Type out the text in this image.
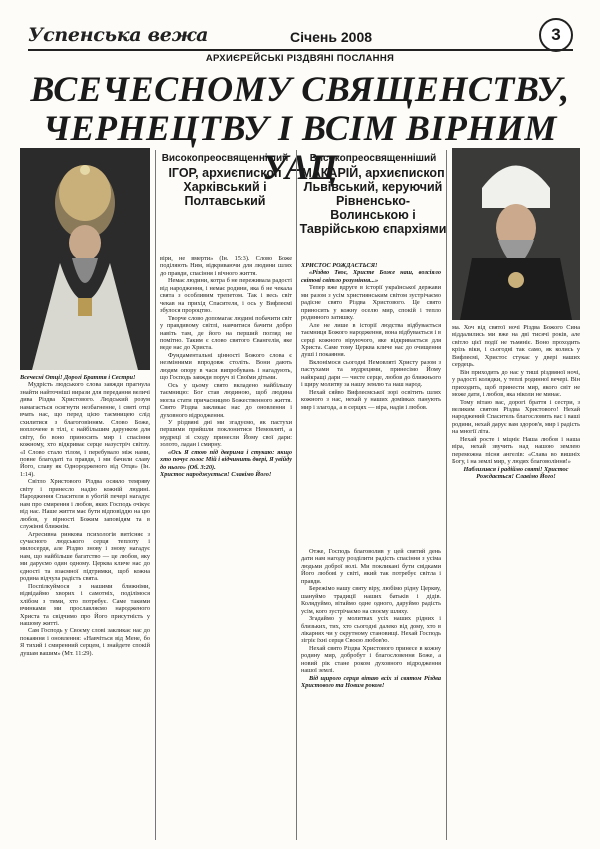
Успенська вежа	Січень 2008	3
АРХИЄРЕЙСЬКІ РІЗДВЯНІ ПОСЛАННЯ
ВСЕЧЕСНОМУ СВЯЩЕНСТВУ,
ЧЕРНЕЦТВУ І ВСІМ ВІРНИМ УАЦ
Високопреосвященніший
ІГОР, архиєпископ Харківський і Полтавський
Високопреосвященніший
МАКАРІЙ, архиєпископ Львівський, керуючий Рівненсько-Волинською і Таврійською єпархіями

Всечесні Отці! Дорогі Браття і Сестри!

Мудрість людського слова завжди прагнула знайти найточніші вирази для передання величі дива Різдва Христового. Людський розум намагається осягнути незбагненне, і святі отці вчать нас, що перед цією таємницею слід схилитися з благоговінням. Слово Боже, воплочене в тілі, є найбільшим дарунком для світу, бо воно приносить мир і спасіння кожному, хто відкриває серце назустріч світлу. «І Слово стало тілом, і перебувало між нами, повне благодаті та правди, і ми бачили славу Його, славу як Однородженого від Отця» (Ін. 1:14).

Світло Христового Різдва осяяло темряву світу і принесло надію кожній людині. Народження Спасителя в убогій печері нагадує нам про смирення і любов, яких Господь очікує від нас. Наше життя має бути відповіддю на цю любов, у вірності Божим заповідям та в служінні ближнім.

Агресивна ринкова психологія витісняє з сучасного людського серця теплоту і милосердя, але Різдво знову і знову нагадує нам, що найбільше багатство — це любов, яку ми даруємо один одному. Церква кличе нас до єдності та взаємної підтримки, щоб кожна родина відчула радість свята.

Поспілкуймося з нашими ближніми, відвідаймо хворих і самотніх, поділімося хлібом з тими, хто потребує. Саме такими вчинками ми прославляємо народженого Христа та свідчимо про Його присутність у нашому житті.

Сам Господь у Своєму слові закликає нас до покаяння і оновлення: «Навчіться від Мене, бо Я тихий і смиренний серцем, і знайдете спокій душам вашим» (Мт. 11:29).

віри, не вмерти» (Ін. 15:3). Слово Боже поділяють Ним, відкриваючи для людини шлях до правди, спасіння і вічного життя.

Немає людини, котра б не переживала радості від народження, і немає родини, яка б не чекала свята з особливим трепетом. Так і весь світ чекав на прихід Спасителя, і ось у Вифлеємі збулося пророцтво.

Творче слово допомагає людині побачити світ у правдивому світлі, навчитися бачити добро навіть там, де його на перший погляд не помітно. Таким є слово святого Євангелія, яке веде нас до Христа.

Фундаментальні цінності Божого слова є незмінними впродовж століть. Вони дають людям опору в часи випробувань і нагадують, що Господь завжди поруч зі Своїми дітьми.

Ось у цьому свято вкладено найбільшу таємницю: Бог став людиною, щоб людина могла стати причасницею Божественного життя. Свято Різдва закликає нас до оновлення і духовного відродження.

У різдвяні дні ми згадуємо, як пастухи першими прийшли поклонитися Немовляті, а мудреці зі сходу принесли Йому свої дари: золото, ладан і смирну.

«Ось Я стою під дверима і стукаю: якщо хто почує голос Мій і відчинить двері, Я увійду до нього» (Об. 3:20).

Христос народжується! Славімо Його!

ХРИСТОС РОЖДАЄТЬСЯ!

«Різдво Твоє, Христе Боже наш, возсіяло світові світло розуміння...»

Тепер вже вдруге в історії української держави ми разом з усім християнським світом зустрічаємо радісне свято Різдва Христового. Це свято приносить у кожну оселю мир, спокій і тепло родинного затишку.

Але не лише в історії людства відбувається таємниця Божого народження, вона відбувається і в серці кожного віруючого, яке відкривається для Христа. Саме тому Церква кличе нас до очищення душі і покаяння.

Вклонімося сьогодні Немовляті Христу разом з пастухами та мудрецями, принесімо Йому найкращі дари — чисте серце, любов до ближнього і щиру молитву за нашу землю та наш народ.

Нехай сяйво Вифлеємської зорі освітить шлях кожного з нас, нехай у наших домівках панують мир і злагода, а в серцях — віра, надія і любов.

Отже, Господь благоволив у цей святий день дати нам нагоду розділити радість спасіння з усіма людьми доброї волі. Ми покликані бути свідками Його любові у світі, який так потребує світла і правди.

Бережімо нашу святу віру, любімо рідну Церкву, шануймо традиції наших батьків і дідів. Колядуймо, вітаймо одне одного, даруймо радість усім, кого зустрічаємо на своєму шляху.

Згадаймо у молитвах усіх наших рідних і близьких, тих, хто сьогодні далеко від дому, хто в лікарнях чи у скрутному становищі. Нехай Господь зігріє їхні серця Своєю любов'ю.

Нехай свято Різдва Христового принесе в кожну родину мир, добробут і благословення Боже, а новий рік стане роком духовного відродження нашої землі.

Від щирого серця вітаю всіх зі святом Різдва Христового та Новим роком!

ма. Хоч від святої ночі Різдва Божого Сина віддалились ми вже на дві тисячі років, але світло цієї події не тьмяніє. Воно проходить крізь віки, і сьогодні так само, як колись у Вифлеємі, Христос стукає у двері наших сердець.

Він приходить до нас у тиші різдвяної ночі, у радості колядки, у теплі родинної вечері. Він приходить, щоб принести мир, якого світ не може дати, і любов, яка ніколи не минає.

Тому вітаю вас, дорогі браття і сестри, з великим святом Різдва Христового! Нехай народжений Спаситель благословить вас і ваші родини, нехай дарує вам здоров'я, мир і радість на многії літа.

Нехай росте і міцніє Наша любов і наша віра, нехай звучить над нашою землею переможна пісня ангелів: «Слава во вишніх Богу, і на землі мир, у людях благовоління!»

Наблизився і радіймо святі! Христос Рождається! Славімо Його!
